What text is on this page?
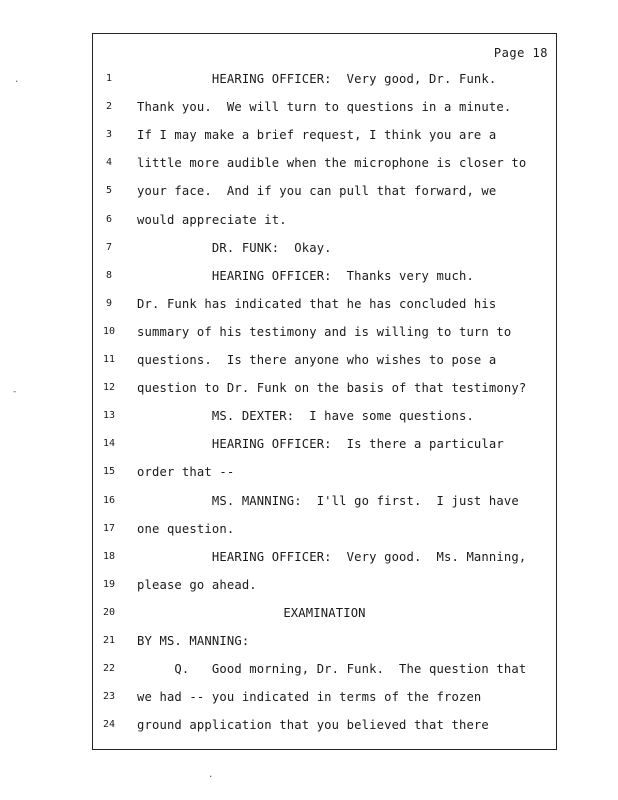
.
-
.
Page 18
1	HEARING OFFICER:  Very good, Dr. Funk.
2	Thank you.  We will turn to questions in a minute.
3	If I may make a brief request, I think you are a
4	little more audible when the microphone is closer to
5	your face.  And if you can pull that forward, we
6	would appreciate it.
7	DR. FUNK:  Okay.
8	HEARING OFFICER:  Thanks very much.
9	Dr. Funk has indicated that he has concluded his
10 summary of his testimony and is willing to turn to
11 questions.  Is there anyone who wishes to pose a
12 question to Dr. Funk on the basis of that testimony?
13 MS. DEXTER:  I have some questions.
14 HEARING OFFICER:  Is there a particular
15 order that --
16 MS. MANNING:  I'll go first.  I just have
17 one question.
18 HEARING OFFICER:  Very good.  Ms. Manning,
19 please go ahead.
20	EXAMINATION
21 BY MS. MANNING:
22 Q.   Good morning, Dr. Funk.  The question that
23 we had -- you indicated in terms of the frozen
24 ground application that you believed that there
